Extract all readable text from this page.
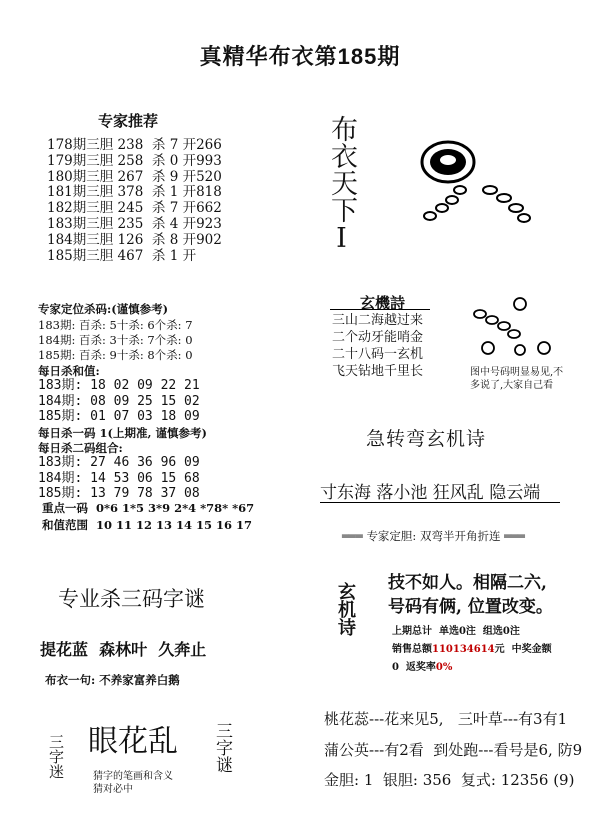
真精华布衣第185期
专家推荐
178期三胆 238  杀 7 开266
179期三胆 258  杀 0 开993
180期三胆 267  杀 9 开520
181期三胆 378  杀 1 开818
182期三胆 245  杀 7 开662
183期三胆 235  杀 4 开923
184期三胆 126  杀 8 开902
185期三胆 467  杀 1 开
专家定位杀码:(谨慎参考)
183期: 百杀: 5十杀: 6个杀: 7
184期: 百杀: 3十杀: 7个杀: 0
185期: 百杀: 9十杀: 8个杀: 0
每日杀和值:
183期: 18 02 09 22 21
184期: 08 09 25 15 02
185期: 01 07 03 18 09
每日杀一码 1(上期准, 谨慎参考)
每日杀二码组合:
183期: 27 46 36 96 09
184期: 14 53 06 15 68
185期: 13 79 78 37 08
重点一码  0*6 1*5 3*9 2*4 *78* *67
和值范围  10 11 12 13 14 15 16 17
专业杀三码字谜
提花蓝  森林叶  久奔止
布衣一句: 不养家富养白鹅
三字迷 眼花乱
猜字的笔画和含义猜对必中
三字谜
布衣天下I
玄機詩
三山二海越过来
二个动牙能哨金
二十八码一玄机
飞天钻地千里长	图中号码明显易见,不多说了,大家自己看
急转弯玄机诗
寸东海 落小池 狂风乱 隐云端
═══ 专家定胆: 双弯半开角折连 ═══
玄机诗 技不如人。相隔二六,
号码有俩, 位置改变。
上期总计  单选0注  组选0注
销售总额110134614元  中奖金额
0  返奖率0%
桃花蕊---花来见5,   三叶草---有3有1
蒲公英---有2看  到处跑---看号是6, 防9
金胆: 1  银胆: 356  复式: 12356 (9)
